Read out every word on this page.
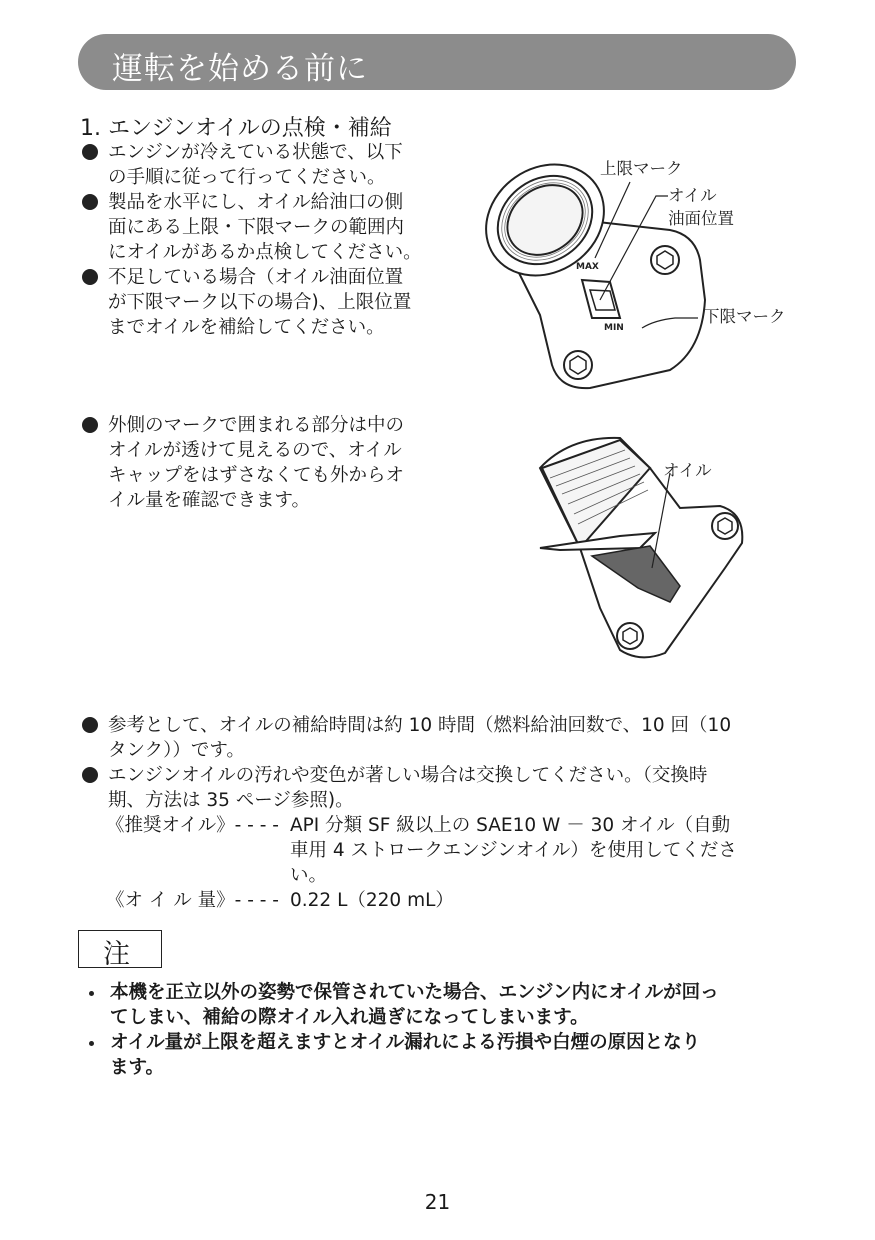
運転を始める前に
1. エンジンオイルの点検・補給
エンジンが冷えている状態で、以下
の手順に従って行ってください。
製品を水平にし、オイル給油口の側
面にある上限・下限マークの範囲内
にオイルがあるか点検してください。
不足している場合（オイル油面位置
が下限マーク以下の場合)、上限位置
までオイルを補給してください。
MAX
MIN
上限マーク
オイル
油面位置
下限マーク
外側のマークで囲まれる部分は中の
オイルが透けて見えるので、オイル
キャップをはずさなくても外からオ
イル量を確認できます。
オイル
参考として、オイルの補給時間は約 10 時間（燃料給油回数で、10 回（10
タンク））です。
エンジンオイルの汚れや変色が著しい場合は交換してください。（交換時
期、方法は 35 ページ参照)。
《推奨オイル》- - - - API 分類 SF 級以上の SAE10 W － 30 オイル（自動
車用 4 ストロークエンジンオイル）を使用してくださ
い。
《オ イ ル 量》- - - - 0.22 L（220 mL）
注
本機を正立以外の姿勢で保管されていた場合、エンジン内にオイルが回っ
てしまい、補給の際オイル入れ過ぎになってしまいます。
オイル量が上限を超えますとオイル漏れによる汚損や白煙の原因となり
ます。
21
